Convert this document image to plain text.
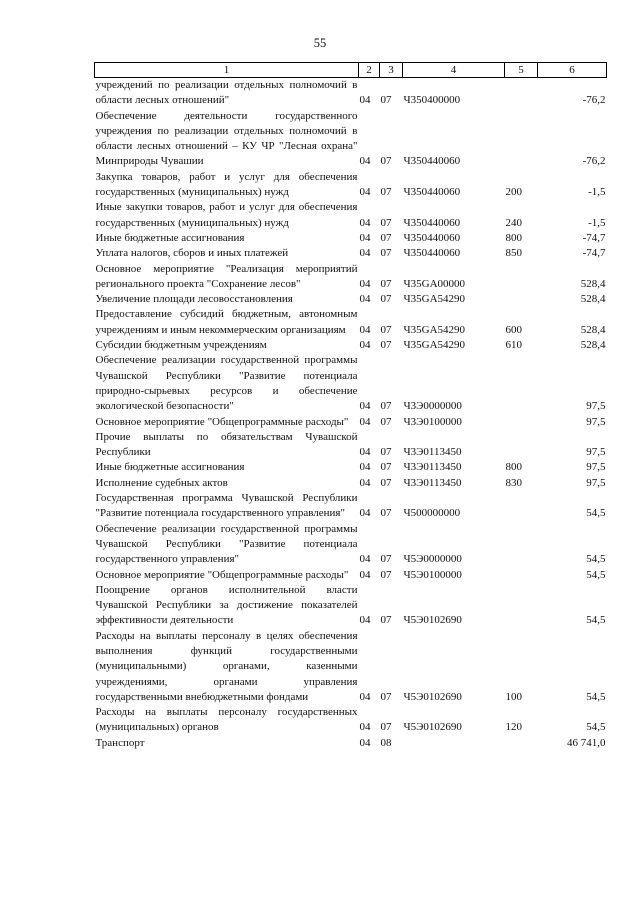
55
1	2	3	4	5	6
учреждений по реализации отдельных полномочий в области лесных отношений"	04	07	Ч350400000		-76,2
Обеспечение деятельности государственного учреждения по реализации отдельных полномочий в области лесных отношений – КУ ЧР "Лесная охрана" Минприроды Чувашии	04	07	Ч350440060		-76,2
Закупка товаров, работ и услуг для обеспечения государственных (муниципальных) нужд	04	07	Ч350440060	200	-1,5
Иные закупки товаров, работ и услуг для обеспечения государственных (муниципальных) нужд	04	07	Ч350440060	240	-1,5
Иные бюджетные ассигнования	04	07	Ч350440060	800	-74,7
Уплата налогов, сборов и иных платежей	04	07	Ч350440060	850	-74,7
Основное мероприятие "Реализация мероприятий регионального проекта "Сохранение лесов"	04	07	Ч35GA00000		528,4
Увеличение площади лесовосстановления	04	07	Ч35GA54290		528,4
Предоставление субсидий бюджетным, автономным учреждениям и иным некоммерческим организациям	04	07	Ч35GA54290	600	528,4
Субсидии бюджетным учреждениям	04	07	Ч35GA54290	610	528,4
Обеспечение реализации государственной программы Чувашской Республики "Развитие потенциала природно-сырьевых ресурсов и обеспечение экологической безопасности"	04	07	Ч3Э0000000		97,5
Основное мероприятие "Общепрограммные расходы"	04	07	Ч3Э0100000		97,5
Прочие выплаты по обязательствам Чувашской Республики	04	07	Ч3Э0113450		97,5
Иные бюджетные ассигнования	04	07	Ч3Э0113450	800	97,5
Исполнение судебных актов	04	07	Ч3Э0113450	830	97,5
Государственная программа Чувашской Республики "Развитие потенциала государственного управления"	04	07	Ч500000000		54,5
Обеспечение реализации государственной программы Чувашской Республики "Развитие потенциала государственного управления"	04	07	Ч5Э0000000		54,5
Основное мероприятие "Общепрограммные расходы"	04	07	Ч5Э0100000		54,5
Поощрение органов исполнительной власти Чувашской Республики за достижение показателей эффективности деятельности	04	07	Ч5Э0102690		54,5
Расходы на выплаты персоналу в целях обеспечения выполнения функций государственными (муниципальными) органами, казенными учреждениями, органами управления государственными внебюджетными фондами	04	07	Ч5Э0102690	100	54,5
Расходы на выплаты персоналу государственных (муниципальных) органов	04	07	Ч5Э0102690	120	54,5
Транспорт	04	08			46 741,0
